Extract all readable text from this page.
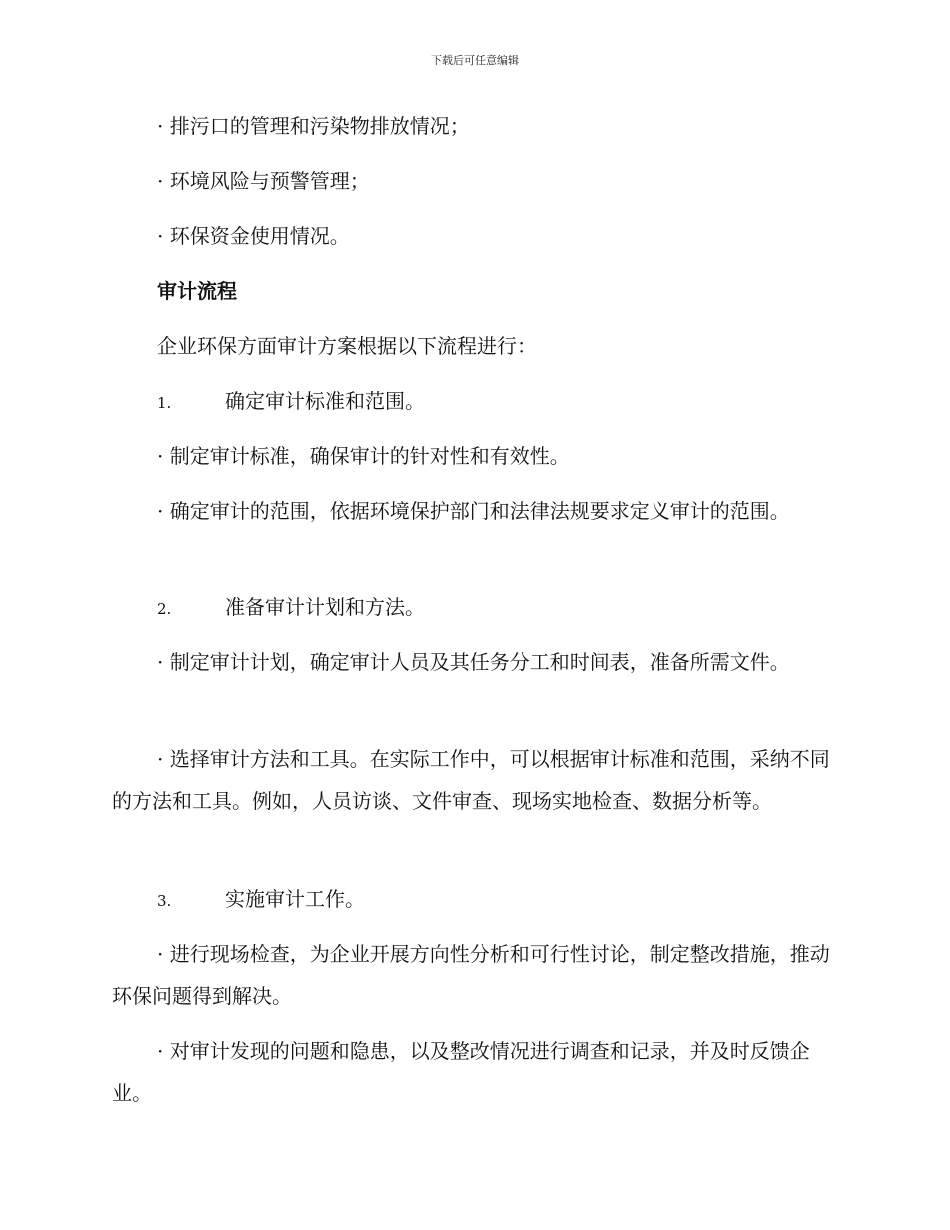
下载后可任意编辑
· 排污口的管理和污染物排放情况；
· 环境风险与预警管理；
· 环保资金使用情况。
审计流程
企业环保方面审计方案根据以下流程进行：
1.	确定审计标准和范围。
· 制定审计标准，确保审计的针对性和有效性。
· 确定审计的范围，依据环境保护部门和法律法规要求定义审计的范围。
2.	准备审计计划和方法。
· 制定审计计划，确定审计人员及其任务分工和时间表，准备所需文件。
· 选择审计方法和工具。在实际工作中，可以根据审计标准和范围，采纳不同的方法和工具。例如，人员访谈、文件审查、现场实地检查、数据分析等。
3.	实施审计工作。
· 进行现场检查，为企业开展方向性分析和可行性讨论，制定整改措施，推动环保问题得到解决。
· 对审计发现的问题和隐患，以及整改情况进行调查和记录，并及时反馈企业。
